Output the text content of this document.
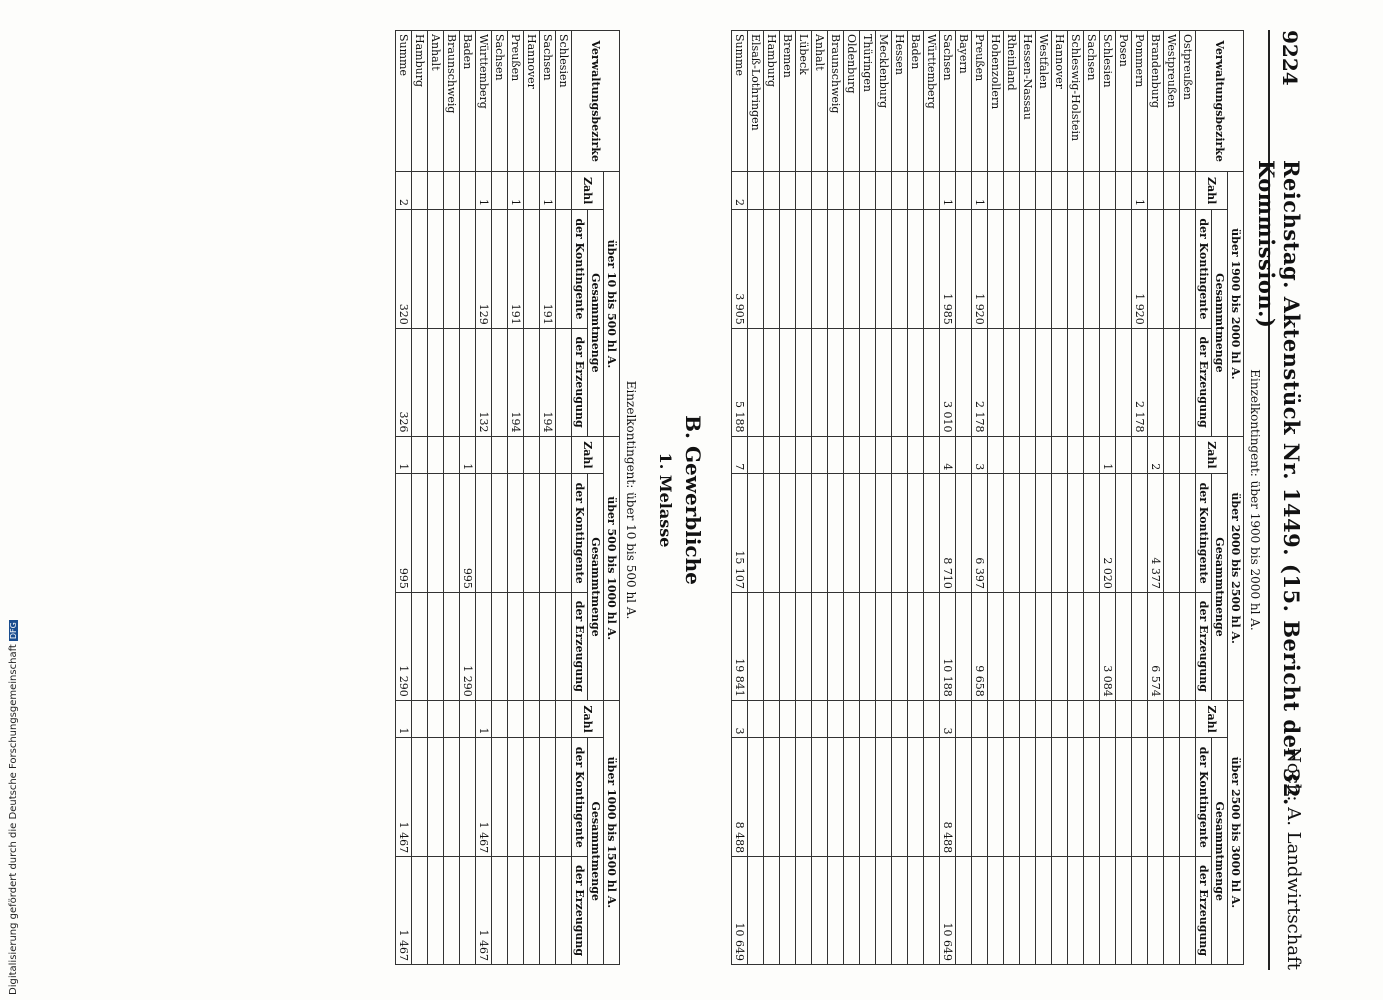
9224
Reichstag. Aktenstück Nr. 1449. (15. Bericht der 32. Kommission.)
Noch: A. Landwirtschaft
Einzelkontingent: über 1900 bis 2000 hl A.
Verwaltungsbezirke	über 1900 bis 2000 hl A.			über 2000 bis 2500 hl A.			über 2500 bis 3000 hl A.		
	Zahl	Gesammtmenge		Zahl	Gesammtmenge		Zahl	Gesammtmenge	
		der Kontingente	der Erzeugung		der Kontingente	der Erzeugung		der Kontingente	der Erzeugung
Ostpreußen									
Westpreußen									
Brandenburg				2	4 377	6 574			
Pommern	1	1 920	2 178						
Posen									
Schlesien				1	2 020	3 084			
Sachsen									
Schleswig-Holstein									
Hannover									
Westfalen									
Hessen-Nassau									
Rheinland									
Hohenzollern									
Preußen	1	1 920	2 178	3	6 397	9 658			
Bayern									
Sachsen	1	1 985	3 010	4	8 710	10 188	3	8 488	10 649
Württemberg									
Baden									
Hessen									
Mecklenburg									
Thüringen									
Oldenburg									
Braunschweig									
Anhalt									
Lübeck									
Bremen									
Hamburg									
Elsaß-Lothringen									
Summe	2	3 905	5 188	7	15 107	19 841	3	8 488	10 649
B. Gewerbliche
1. Melasse
Einzelkontingent: über 10 bis 500 hl A.
Verwaltungsbezirke	über 10 bis 500 hl A.			über 500 bis 1000 hl A.			über 1000 bis 1500 hl A.		
	Zahl	Gesammtmenge		Zahl	Gesammtmenge		Zahl	Gesammtmenge	
		der Kontingente	der Erzeugung		der Kontingente	der Erzeugung		der Kontingente	der Erzeugung
Schlesien									
Sachsen	1	191	194						
Hannover									
Preußen	1	191	194						
Sachsen									
Württemberg	1	129	132				1	1 467	1 467
Baden				1	995	1 290			
Braunschweig									
Anhalt									
Hamburg									
Summe	2	320	326	1	995	1 290	1	1 467	1 467
Digitalisierung gefördert durch die Deutsche ForschungsgemeinschaftDFG
